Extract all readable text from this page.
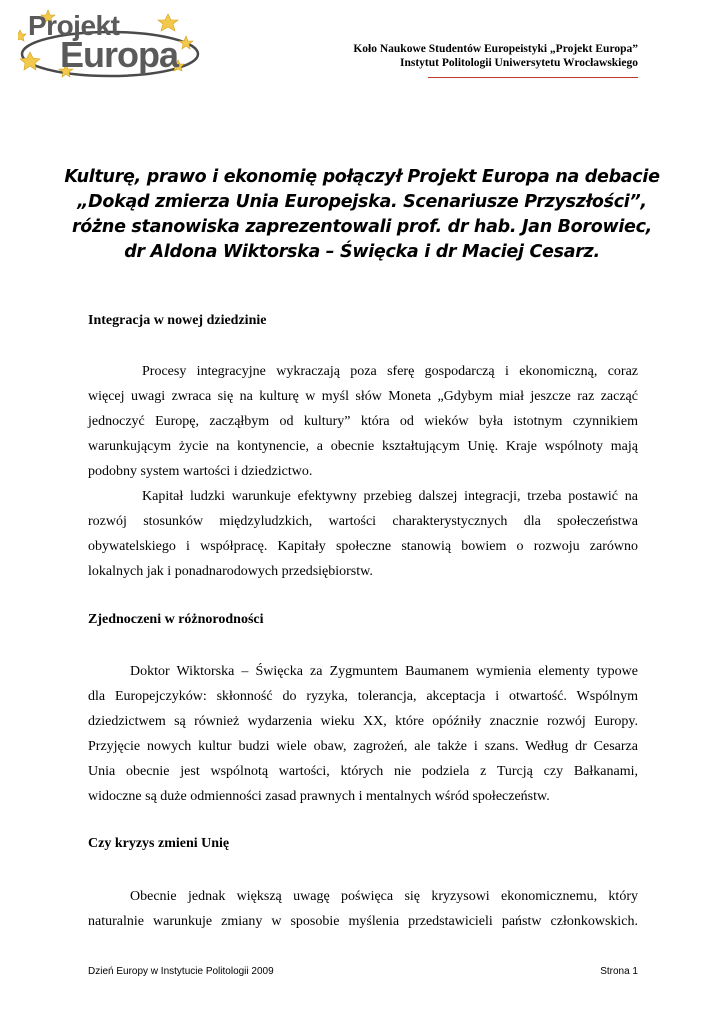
Projekt
Europa	Koło Naukowe Studentów Europeistyki „Projekt Europa”
Instytut Politologii Uniwersytetu Wrocławskiego
Kulturę, prawo i ekonomię połączył Projekt Europa na debacie
„Dokąd zmierza Unia Europejska. Scenariusze Przyszłości”,
różne stanowiska zaprezentowali prof. dr hab. Jan Borowiec,
dr Aldona Wiktorska – Święcka i dr Maciej Cesarz.
Integracja w nowej dziedzinie
Procesy integracyjne wykraczają poza sferę gospodarczą i ekonomiczną, coraz
więcej uwagi zwraca się na kulturę w myśl słów Moneta „Gdybym miał jeszcze raz zacząć
jednoczyć Europę, zacząłbym od kultury” która od wieków była istotnym czynnikiem
warunkującym życie na kontynencie, a obecnie kształtującym Unię. Kraje wspólnoty mają
podobny system wartości i dziedzictwo.
Kapitał ludzki warunkuje efektywny przebieg dalszej integracji, trzeba postawić na
rozwój stosunków międzyludzkich, wartości charakterystycznych dla społeczeństwa
obywatelskiego i współpracę. Kapitały społeczne stanowią bowiem o rozwoju zarówno
lokalnych jak i ponadnarodowych przedsiębiorstw.
Zjednoczeni w różnorodności
Doktor Wiktorska – Święcka za Zygmuntem Baumanem wymienia elementy typowe
dla Europejczyków: skłonność do ryzyka, tolerancja, akceptacja i otwartość. Wspólnym
dziedzictwem są również wydarzenia wieku XX, które opóźniły znacznie rozwój Europy.
Przyjęcie nowych kultur budzi wiele obaw, zagrożeń, ale także i szans. Według dr Cesarza
Unia obecnie jest wspólnotą wartości, których nie podziela z Turcją czy Bałkanami,
widoczne są duże odmienności zasad prawnych i mentalnych wśród społeczeństw.
Czy kryzys zmieni Unię
Obecnie jednak większą uwagę poświęca się kryzysowi ekonomicznemu, który
naturalnie warunkuje zmiany w sposobie myślenia przedstawicieli państw członkowskich.
Dzień Europy w Instytucie Politologii 2009	Strona 1
